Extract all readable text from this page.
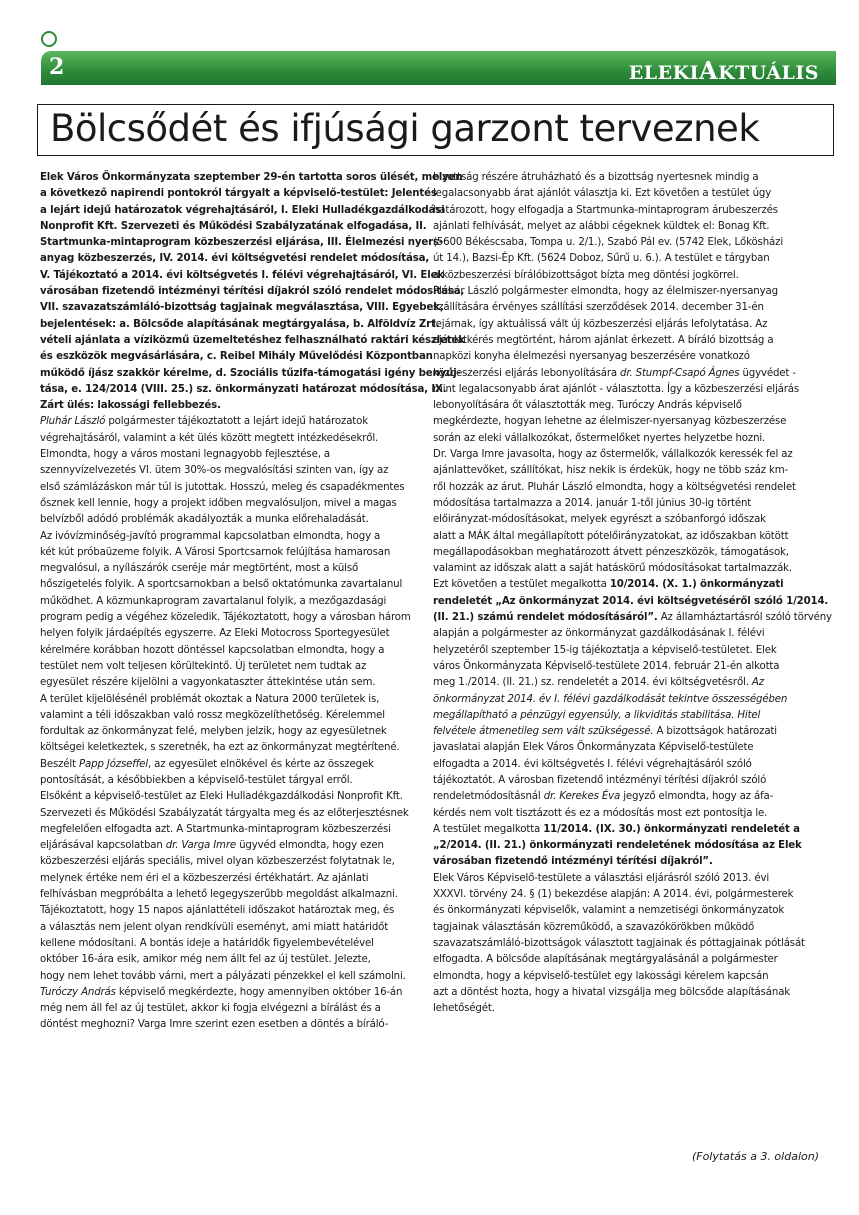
2	ELEKIAKTUÁLIS
Bölcsődét és ifjúsági garzont terveznek

Elek Város Önkormányzata szeptember 29-én tartotta soros ülését, melyen

a következő napirendi pontokról tárgyalt a képviselő-testület: Jelentés

a lejárt idejű határozatok végrehajtásáról, I. Eleki Hulladékgazdálkodási

Nonprofit Kft. Szervezeti és Működési Szabályzatának elfogadása, II.

Startmunka-mintaprogram közbeszerzési eljárása, III. Élelmezési nyers-

anyag közbeszerzés, IV. 2014. évi költségvetési rendelet módosítása,

V. Tájékoztató a 2014. évi költségvetés I. félévi végrehajtásáról, VI. Elek

városában fizetendő intézményi térítési díjakról szóló rendelet módosítása,

VII. szavazatszámláló-bizottság tagjainak megválasztása, VIII. Egyebek,

bejelentések: a. Bölcsőde alapításának megtárgyalása, b. Alföldvíz Zrt.

vételi ajánlata a víziközmű üzemeltetéshez felhasználható raktári készletek

és eszközök megvásárlására, c. Reibel Mihály Művelődési Központban

működő íjász szakkör kérelme, d. Szociális tűzifa-támogatási igény benyúj-

tása, e. 124/2014 (VIII. 25.) sz. önkormányzati határozat módosítása, IX.

Zárt ülés: lakossági fellebbezés.

Pluhár László polgármester tájékoztatott a lejárt idejű határozatok

végrehajtásáról, valamint a két ülés között megtett intézkedésekről.

Elmondta, hogy a város mostani legnagyobb fejlesztése, a

szennyvízelvezetés VI. ütem 30%-os megvalósítási szinten van, így az

első számlázáskon már túl is jutottak. Hosszú, meleg és csapadékmentes

ősznek kell lennie, hogy a projekt időben megvalósuljon, mivel a magas

belvízből adódó problémák akadályozták a munka előrehaladását.

Az ivóvízminőség-javító programmal kapcsolatban elmondta, hogy a

két kút próbaüzeme folyik. A Városi Sportcsarnok felújítása hamarosan

megvalósul, a nyílászárók cseréje már megtörtént, most a külső

hőszigetelés folyik. A sportcsarnokban a belső oktatómunka zavartalanul

működhet. A közmunkaprogram zavartalanul folyik, a mezőgazdasági

program pedig a végéhez közeledik. Tájékoztatott, hogy a városban három

helyen folyik járdaépítés egyszerre. Az Eleki Motocross Sportegyesület

kérelmére korábban hozott döntéssel kapcsolatban elmondta, hogy a

testület nem volt teljesen körültekintő. Új területet nem tudtak az

egyesület részére kijelölni a vagyonkataszter áttekintése után sem.

A terület kijelölésénél problémát okoztak a Natura 2000 területek is,

valamint a téli időszakban való rossz megközelíthetőség. Kérelemmel

fordultak az önkormányzat felé, melyben jelzik, hogy az egyesületnek

költségei keletkeztek, s szeretnék, ha ezt az önkormányzat megtérítené.

Beszélt Papp Józseffel, az egyesület elnökével és kérte az összegek

pontosítását, a későbbiekben a képviselő-testület tárgyal erről.

Elsőként a képviselő-testület az Eleki Hulladékgazdálkodási Nonprofit Kft.

Szervezeti és Működési Szabályzatát tárgyalta meg és az előterjesztésnek

megfelelően elfogadta azt. A Startmunka-mintaprogram közbeszerzési

eljárásával kapcsolatban dr. Varga Imre ügyvéd elmondta, hogy ezen

közbeszerzési eljárás speciális, mivel olyan közbeszerzést folytatnak le,

melynek értéke nem éri el a közbeszerzési értékhatárt. Az ajánlati

felhívásban megpróbálta a lehető legegyszerűbb megoldást alkalmazni.

Tájékoztatott, hogy 15 napos ajánlattételi időszakot határoztak meg, és

a választás nem jelent olyan rendkívüli eseményt, ami miatt határidőt

kellene módosítani. A bontás ideje a határidők figyelembevételével

október 16-ára esik, amikor még nem állt fel az új testület. Jelezte,

hogy nem lehet tovább várni, mert a pályázati pénzekkel el kell számolni.

Turóczy András képviselő megkérdezte, hogy amennyiben október 16-án

még nem áll fel az új testület, akkor ki fogja elvégezni a bírálást és a

döntést meghozni? Varga Imre szerint ezen esetben a döntés a bíráló-

bizottság részére átruházható és a bizottság nyertesnek mindig a

legalacsonyabb árat ajánlót választja ki. Ezt követően a testület úgy

határozott, hogy elfogadja a Startmunka-mintaprogram árubeszerzés

ajánlati felhívását, melyet az alábbi cégeknek küldtek el: Bonag Kft.

(5600 Békéscsaba, Tompa u. 2/1.), Szabó Pál ev. (5742 Elek, Lőkösházi

út 14.), Bazsi-Ép Kft. (5624 Doboz, Sűrű u. 6.). A testület e tárgyban

a közbeszerzési bírálóbizottságot bízta meg döntési jogkörrel.

Pluhár László polgármester elmondta, hogy az élelmiszer-nyersanyag

szállítására érvényes szállítási szerződések 2014. december 31-én

lejárnak, így aktuálissá vált új közbeszerzési eljárás lefolytatása. Az

ajánlatkérés megtörtént, három ajánlat érkezett. A bíráló bizottság a

napközi konyha élelmezési nyersanyag beszerzésére vonatkozó

közbeszerzési eljárás lebonyolítására dr. Stumpf-Csapó Ágnes ügyvédet -

mint legalacsonyabb árat ajánlót - választotta. Így a közbeszerzési eljárás

lebonyolítására őt választották meg. Turóczy András képviselő

megkérdezte, hogyan lehetne az élelmiszer-nyersanyag közbeszerzése

során az eleki vállalkozókat, őstermelőket nyertes helyzetbe hozni.

Dr. Varga Imre javasolta, hogy az őstermelők, vállalkozók keressék fel az

ajánlattevőket, szállítókat, hisz nekik is érdekük, hogy ne több száz km-

ről hozzák az árut. Pluhár László elmondta, hogy a költségvetési rendelet

módosítása tartalmazza a 2014. január 1-től június 30-ig történt

előirányzat-módosításokat, melyek egyrészt a szóbanforgó időszak

alatt a MÁK által megállapított pótelőirányzatokat, az időszakban kötött

megállapodásokban meghatározott átvett pénzeszközök, támogatások,

valamint az időszak alatt a saját hatáskörű módosításokat tartalmazzák.

Ezt követően a testület megalkotta 10/2014. (X. 1.) önkormányzati

rendeletét „Az önkormányzat 2014. évi költségvetéséről szóló 1/2014.

(II. 21.) számú rendelet módosításáról”. Az államháztartásról szóló törvény

alapján a polgármester az önkormányzat gazdálkodásának I. félévi

helyzetéről szeptember 15-ig tájékoztatja a képviselő-testületet. Elek

város Önkormányzata Képviselő-testülete 2014. február 21-én alkotta

meg 1./2014. (II. 21.) sz. rendeletét a 2014. évi költségvetésről. Az

önkormányzat 2014. év I. félévi gazdálkodását tekintve összességében

megállapítható a pénzügyi egyensúly, a likviditás stabilitása. Hitel

felvétele átmenetileg sem vált szükségessé. A bizottságok határozati

javaslatai alapján Elek Város Önkormányzata Képviselő-testülete

elfogadta a 2014. évi költségvetés I. félévi végrehajtásáról szóló

tájékoztatót. A városban fizetendő intézményi térítési díjakról szóló

rendeletmódosításnál dr. Kerekes Éva jegyző elmondta, hogy az áfa-

kérdés nem volt tisztázott és ez a módosítás most ezt pontosítja le.

A testület megalkotta 11/2014. (IX. 30.) önkormányzati rendeletét a

„2/2014. (II. 21.) önkormányzati rendeletének módosítása az Elek

városában fizetendő intézményi térítési díjakról”.

Elek Város Képviselő-testülete a választási eljárásról szóló 2013. évi

XXXVI. törvény 24. § (1) bekezdése alapján: A 2014. évi, polgármesterek

és önkormányzati képviselők, valamint a nemzetiségi önkormányzatok

tagjainak választásán közreműködő, a szavazókörökben működő

szavazatszámláló-bizottságok választott tagjainak és póttagjainak pótlását

elfogadta. A bölcsőde alapításának megtárgyalásánál a polgármester

elmondta, hogy a képviselő-testület egy lakossági kérelem kapcsán

azt a döntést hozta, hogy a hivatal vizsgálja meg bölcsőde alapításának

lehetőségét.

(Folytatás a 3. oldalon)
